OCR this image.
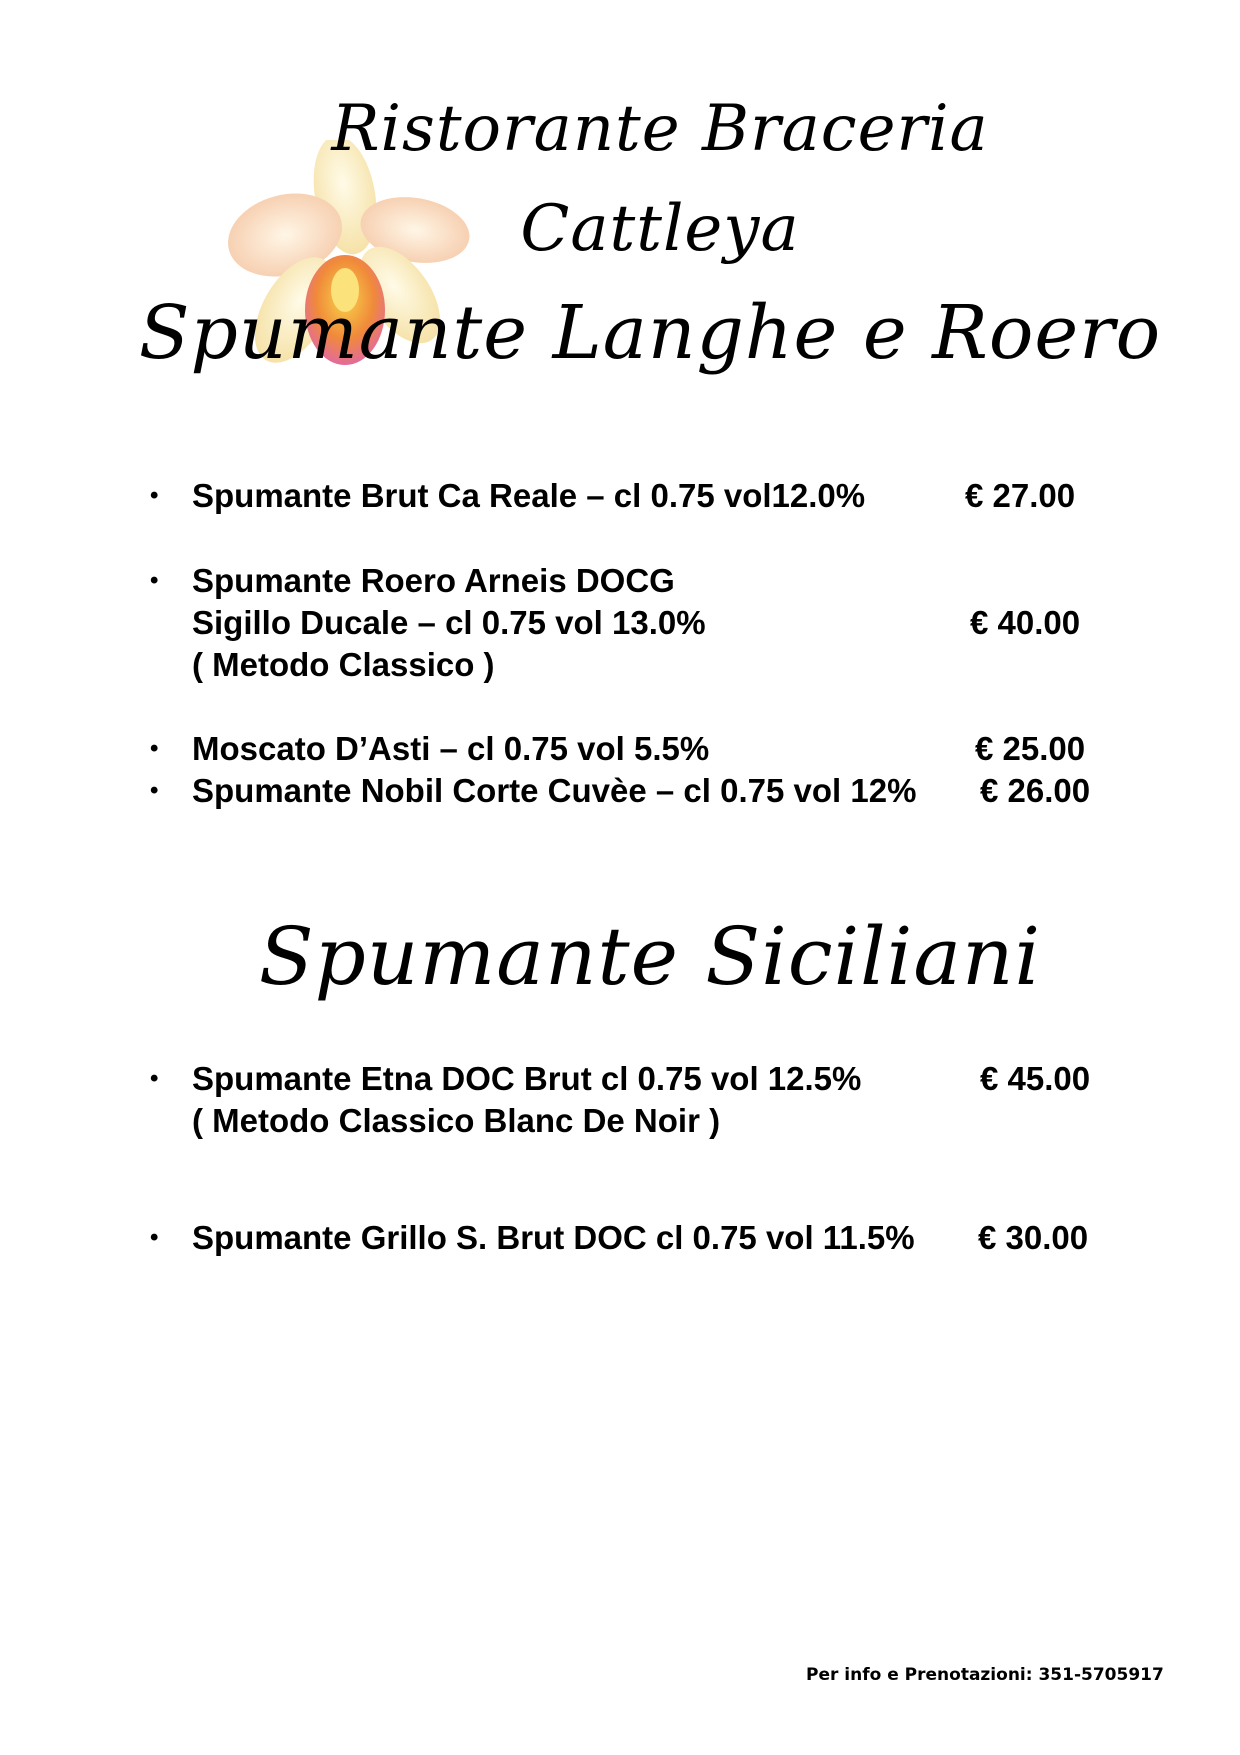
Ristorante Braceria
Cattleya
Spumante Langhe e Roero
• Spumante Brut Ca Reale – cl 0.75 vol12.0%	€ 27.00
• Spumante Roero Arneis DOCG
Sigillo Ducale – cl 0.75 vol 13.0%
( Metodo Classico )
€ 40.00
• Moscato D’Asti – cl 0.75 vol 5.5%	€ 25.00
• Spumante Nobil Corte Cuvèe – cl 0.75 vol 12% € 26.00
Spumante Siciliani
• Spumante Etna DOC Brut cl 0.75 vol 12.5%
( Metodo Classico Blanc De Noir )
€ 45.00
• Spumante Grillo S. Brut DOC cl 0.75 vol 11.5% € 30.00
Per info e Prenotazioni: 351-5705917
